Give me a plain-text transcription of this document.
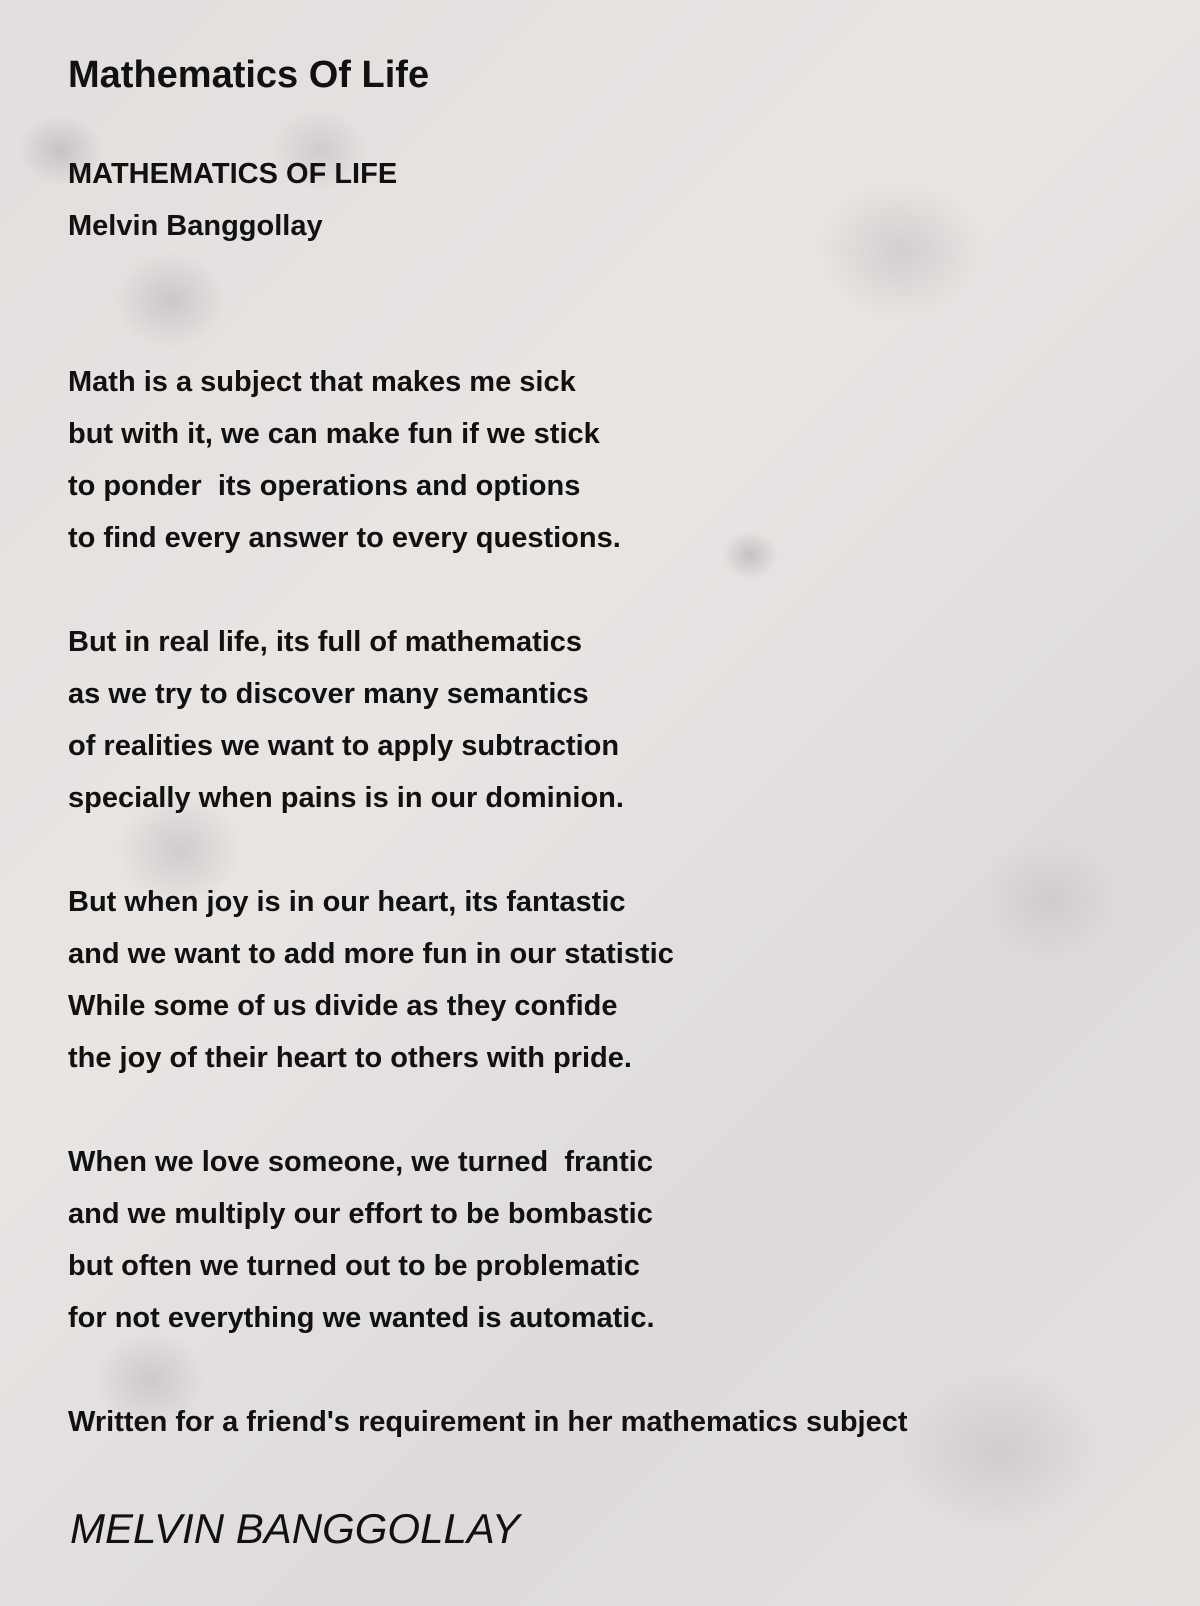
Mathematics Of Life
MATHEMATICS OF LIFE
Melvin Banggollay
Math is a subject that makes me sick
but with it, we can make fun if we stick
to ponder  its operations and options
to find every answer to every questions.
But in real life, its full of mathematics
as we try to discover many semantics
of realities we want to apply subtraction
specially when pains is in our dominion.
But when joy is in our heart, its fantastic
and we want to add more fun in our statistic
While some of us divide as they confide
the joy of their heart to others with pride.
When we love someone, we turned  frantic
and we multiply our effort to be bombastic
but often we turned out to be problematic
for not everything we wanted is automatic.
Written for a friend's requirement in her mathematics subject
MELVIN BANGGOLLAY
